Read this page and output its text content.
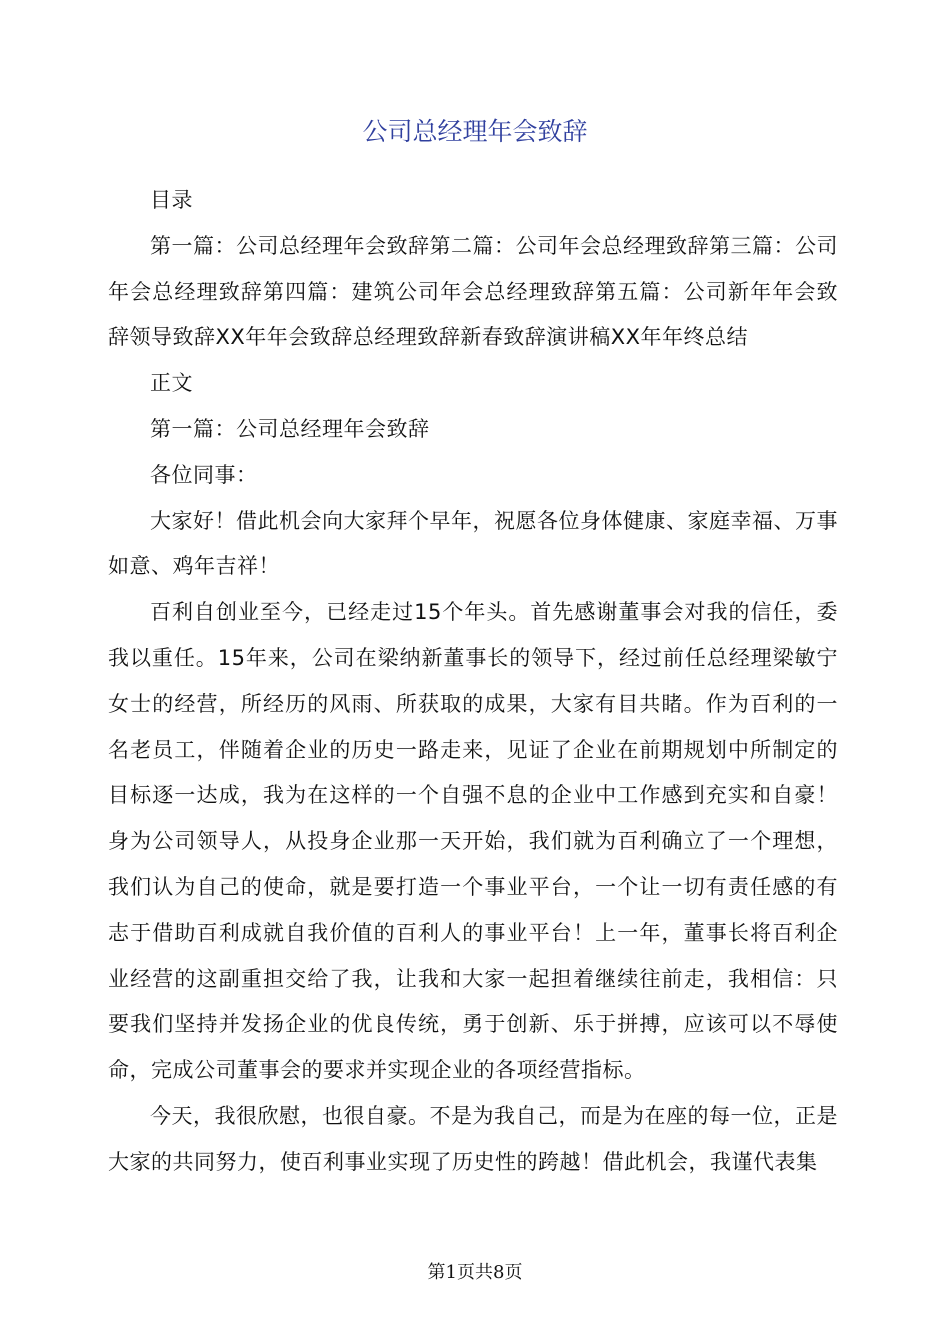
公司总经理年会致辞

目录

第一篇：公司总经理年会致辞第二篇：公司年会总经理致辞第三篇：公司年会总经理致辞第四篇：建筑公司年会总经理致辞第五篇：公司新年年会致辞领导致辞XX年年会致辞总经理致辞新春致辞演讲稿XX年年终总结

正文

第一篇：公司总经理年会致辞

各位同事：

大家好！借此机会向大家拜个早年，祝愿各位身体健康、家庭幸福、万事如意、鸡年吉祥！

百利自创业至今，已经走过15个年头。首先感谢董事会对我的信任，委我以重任。15年来，公司在梁纳新董事长的领导下，经过前任总经理梁敏宁女士的经营，所经历的风雨、所获取的成果，大家有目共睹。作为百利的一名老员工，伴随着企业的历史一路走来，见证了企业在前期规划中所制定的目标逐一达成，我为在这样的一个自强不息的企业中工作感到充实和自豪！身为公司领导人，从投身企业那一天开始，我们就为百利确立了一个理想，我们认为自己的使命，就是要打造一个事业平台，一个让一切有责任感的有志于借助百利成就自我价值的百利人的事业平台！上一年，董事长将百利企业经营的这副重担交给了我，让我和大家一起担着继续往前走，我相信：只要我们坚持并发扬企业的优良传统，勇于创新、乐于拼搏，应该可以不辱使命，完成公司董事会的要求并实现企业的各项经营指标。

今天，我很欣慰，也很自豪。不是为我自己，而是为在座的每一位，正是大家的共同努力，使百利事业实现了历史性的跨越！借此机会，我谨代表集

第1页共8页
